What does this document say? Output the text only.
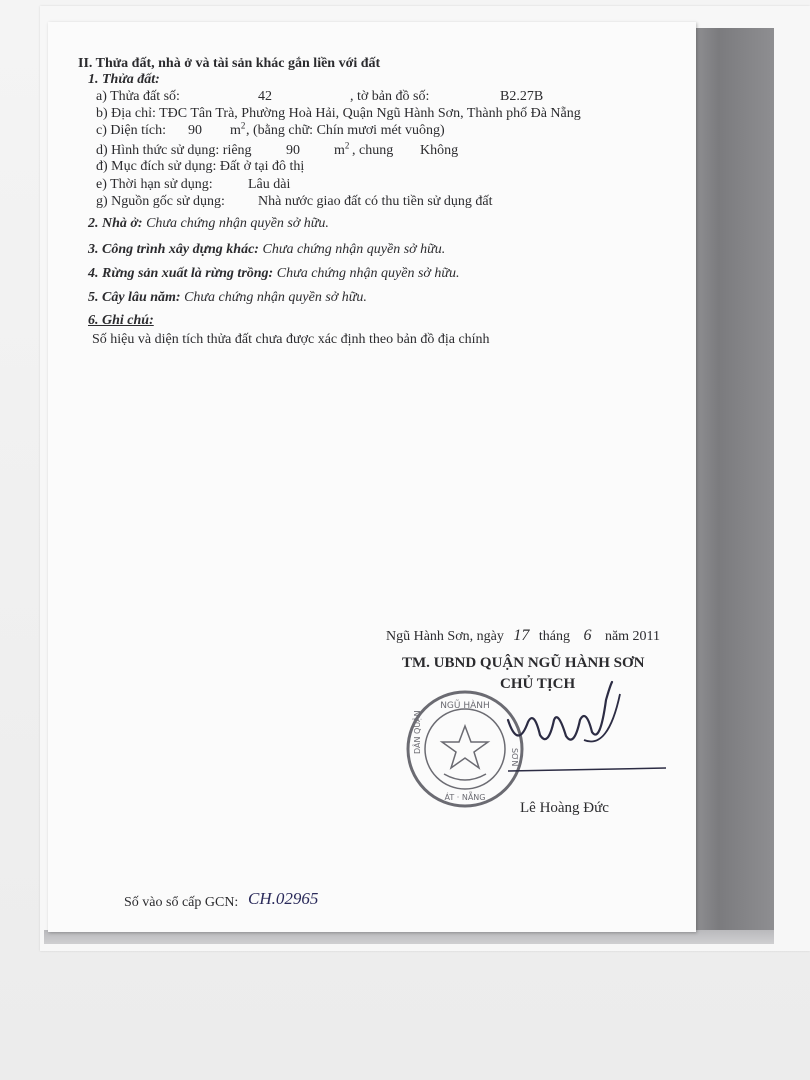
II. Thửa đất, nhà ở và tài sản khác gắn liền với đất
1. Thửa đất:
a) Thửa đất số:	42	, tờ bản đồ số:	B2.27B
b) Địa chỉ: TĐC Tân Trà, Phường Hoà Hải, Quận Ngũ Hành Sơn, Thành phố Đà Nẵng
c) Diện tích: 90 $m^2$ , (bằng chữ: Chín mươi mét vuông)
d) Hình thức sử dụng: riêng 90 $m^2$ , chung Không
đ) Mục đích sử dụng: Đất ở tại đô thị
e) Thời hạn sử dụng:	Lâu dài
g) Nguồn gốc sử dụng: Nhà nước giao đất có thu tiền sử dụng đất
2. Nhà ở: Chưa chứng nhận quyền sở hữu.
3. Công trình xây dựng khác: Chưa chứng nhận quyền sở hữu.
4. Rừng sản xuất là rừng trồng: Chưa chứng nhận quyền sở hữu.
5. Cây lâu năm: Chưa chứng nhận quyền sở hữu.
6. Ghi chú:
Số hiệu và diện tích thửa đất chưa được xác định theo bản đồ địa chính
Ngũ Hành Sơn, ngày 17 tháng 6 năm 2011
TM. UBND QUẬN NGŨ HÀNH SƠN
CHỦ TỊCH
Lê Hoàng Đức
Số vào sổ cấp GCN: CH.02965
NGŨ HÀNH
DÂN QUẬN
SƠN
ÁT · NẴNG
